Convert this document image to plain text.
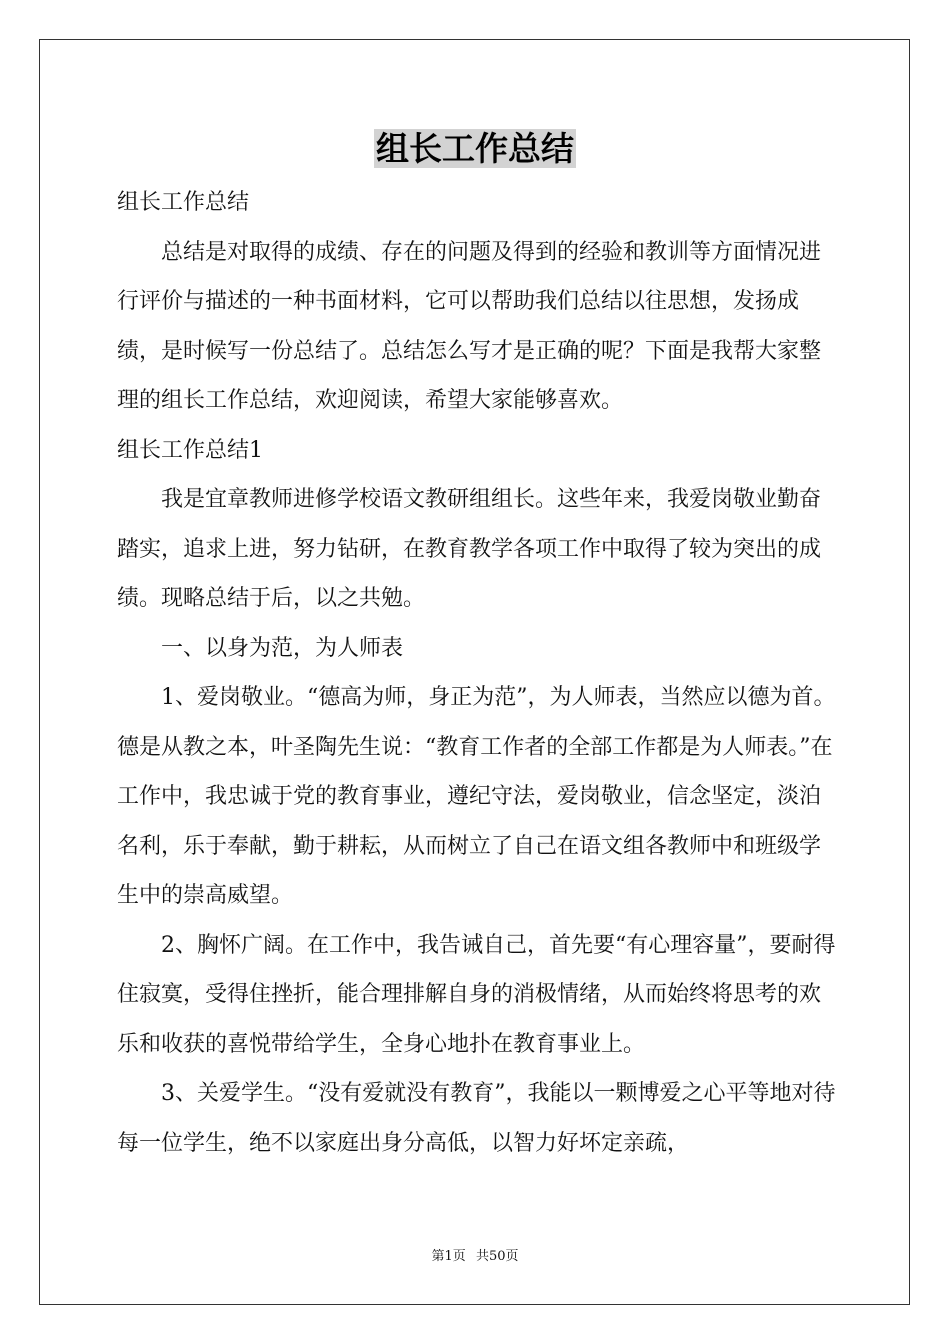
组长工作总结

组长工作总结

总结是对取得的成绩、存在的问题及得到的经验和教训等方面情况进行评价与描述的一种书面材料，它可以帮助我们总结以往思想，发扬成绩，是时候写一份总结了。总结怎么写才是正确的呢？下面是我帮大家整理的组长工作总结，欢迎阅读，希望大家能够喜欢。

组长工作总结1

我是宜章教师进修学校语文教研组组长。这些年来，我爱岗敬业勤奋踏实，追求上进，努力钻研，在教育教学各项工作中取得了较为突出的成绩。现略总结于后，以之共勉。

一、以身为范，为人师表

1、爱岗敬业。“德高为师，身正为范”，为人师表，当然应以德为首。德是从教之本，叶圣陶先生说：“教育工作者的全部工作都是为人师表。”在工作中，我忠诚于党的教育事业，遵纪守法，爱岗敬业，信念坚定，淡泊名利，乐于奉献，勤于耕耘，从而树立了自己在语文组各教师中和班级学生中的崇高威望。

2、胸怀广阔。在工作中，我告诫自己，首先要“有心理容量”，要耐得住寂寞，受得住挫折，能合理排解自身的消极情绪，从而始终将思考的欢乐和收获的喜悦带给学生，全身心地扑在教育事业上。

3、关爱学生。“没有爱就没有教育”，我能以一颗博爱之心平等地对待每一位学生，绝不以家庭出身分高低，以智力好坏定亲疏，

第1页 共50页
